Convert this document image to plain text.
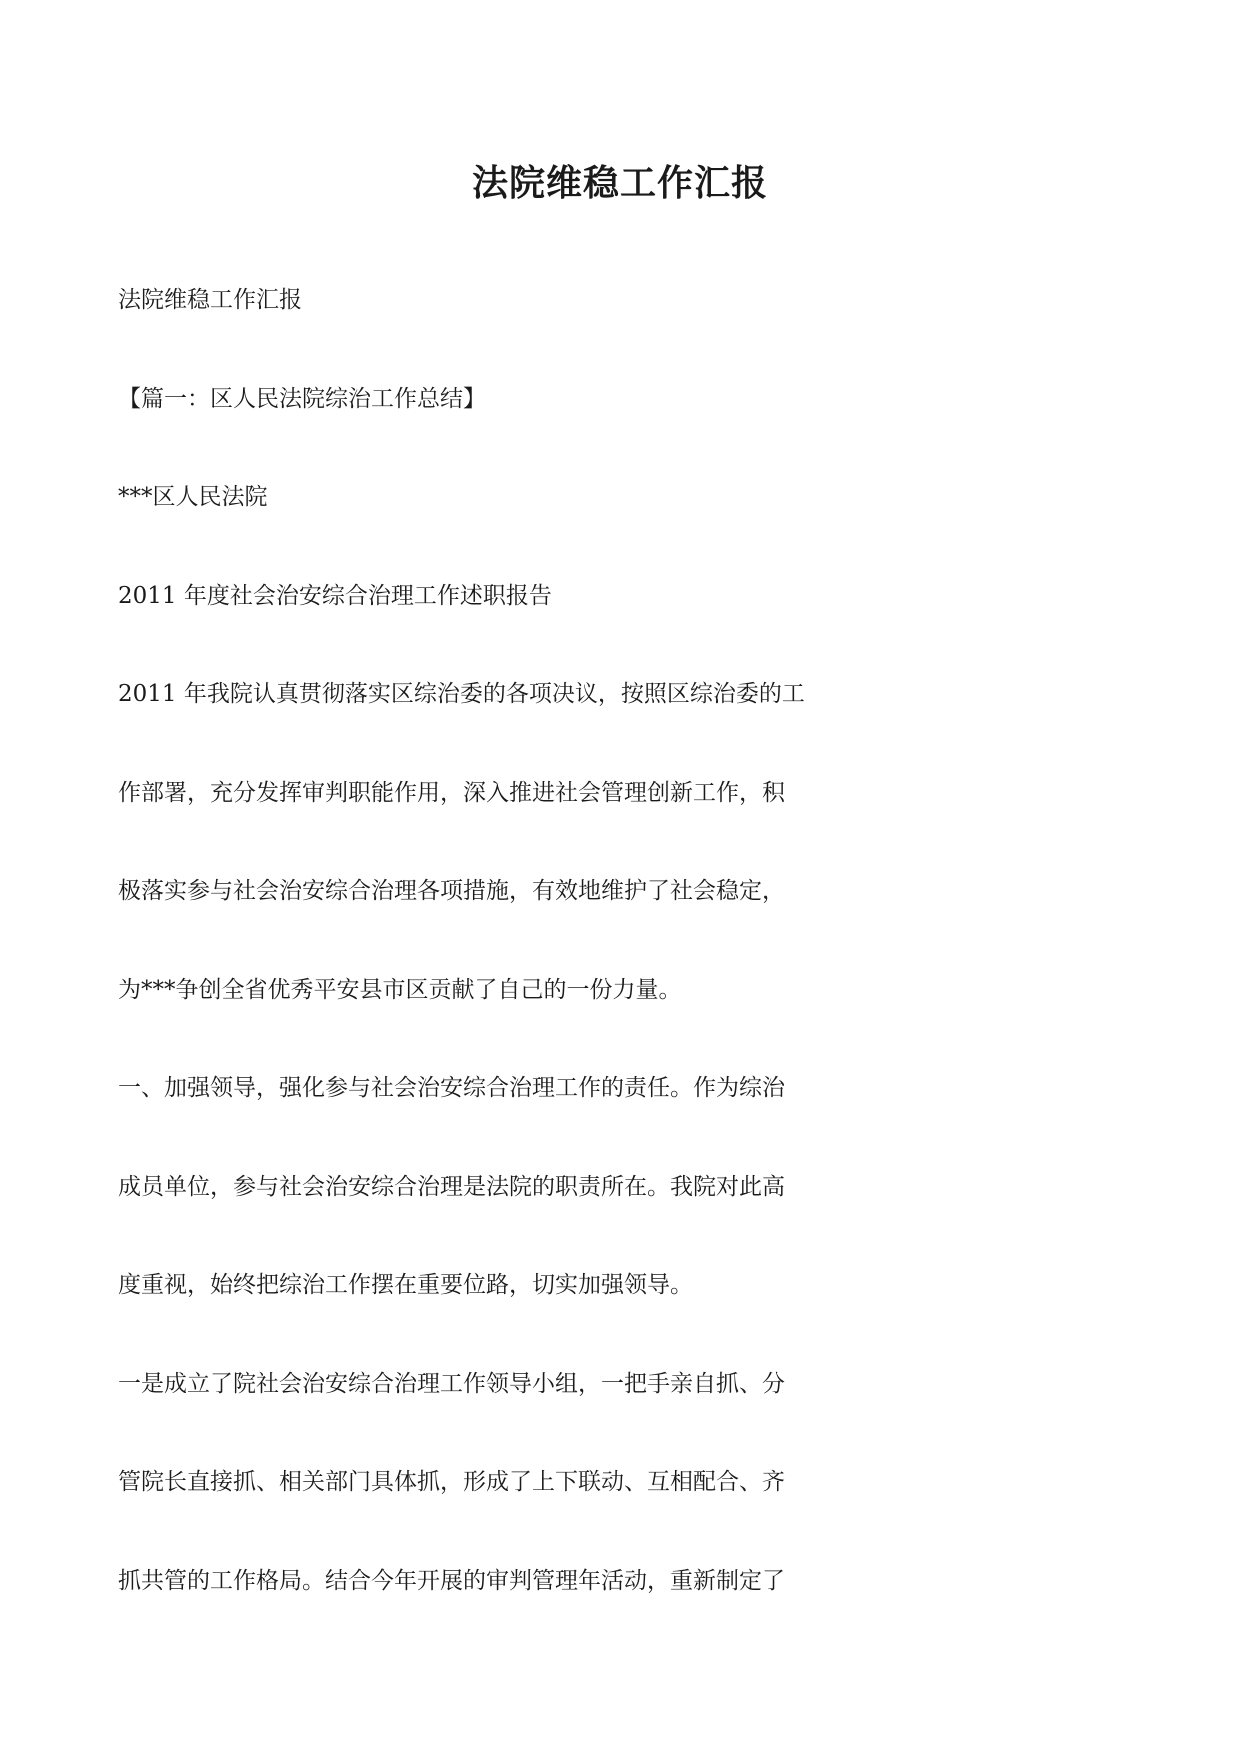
法院维稳工作汇报

法院维稳工作汇报

【篇一：区人民法院综治工作总结】

***区人民法院

2011 年度社会治安综合治理工作述职报告

2011 年我院认真贯彻落实区综治委的各项决议，按照区综治委的工

作部署，充分发挥审判职能作用，深入推进社会管理创新工作，积

极落实参与社会治安综合治理各项措施，有效地维护了社会稳定，

为***争创全省优秀平安县市区贡献了自己的一份力量。

一、加强领导，强化参与社会治安综合治理工作的责任。作为综治

成员单位，参与社会治安综合治理是法院的职责所在。我院对此高

度重视，始终把综治工作摆在重要位路，切实加强领导。

一是成立了院社会治安综合治理工作领导小组，一把手亲自抓、分

管院长直接抓、相关部门具体抓，形成了上下联动、互相配合、齐

抓共管的工作格局。结合今年开展的审判管理年活动，重新制定了
